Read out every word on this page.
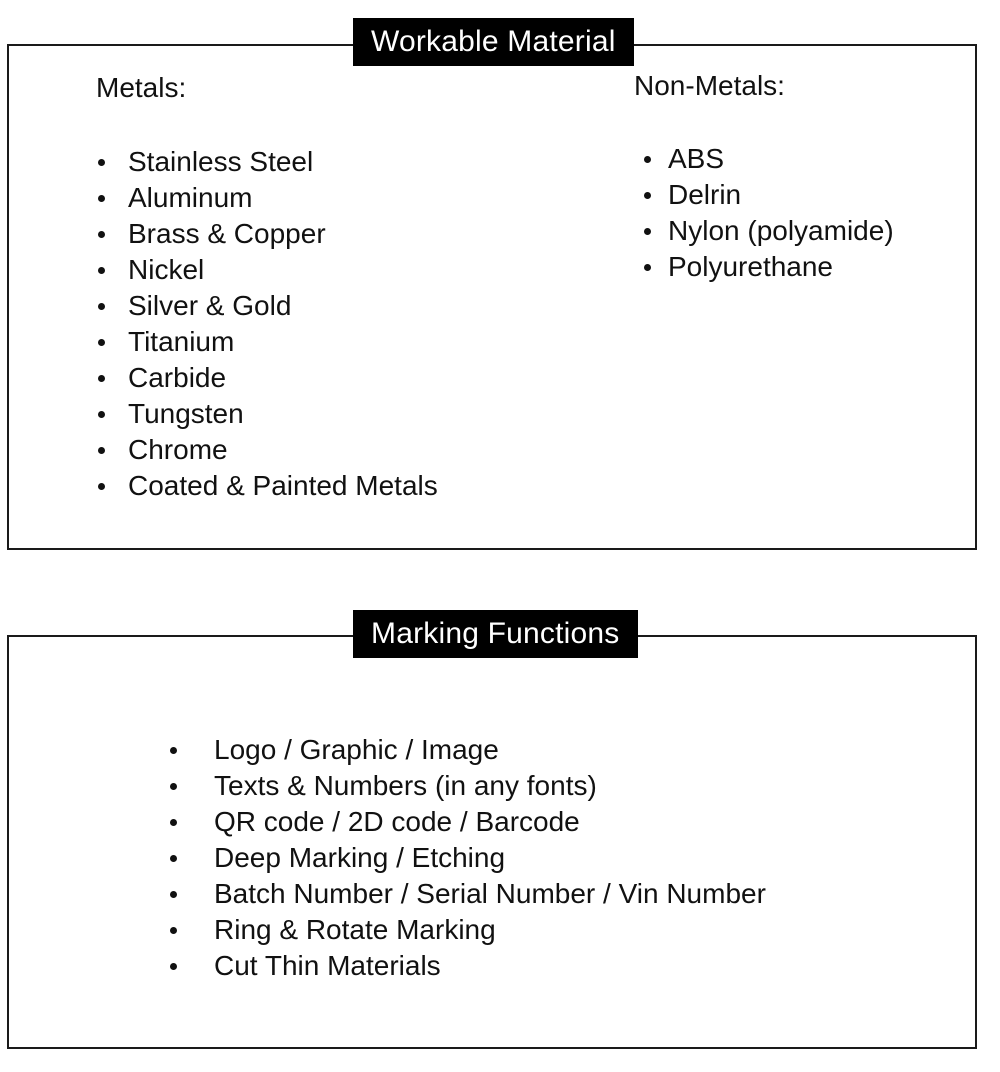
Workable Material
Metals:
Stainless Steel
Aluminum
Brass & Copper
Nickel
Silver & Gold
Titanium
Carbide
Tungsten
Chrome
Coated & Painted Metals
Non-Metals:
ABS
Delrin
Nylon (polyamide)
Polyurethane
Marking Functions
Logo / Graphic / Image
Texts & Numbers (in any fonts)
QR code / 2D code / Barcode
Deep Marking / Etching
Batch Number / Serial Number / Vin Number
Ring & Rotate Marking
Cut Thin Materials
